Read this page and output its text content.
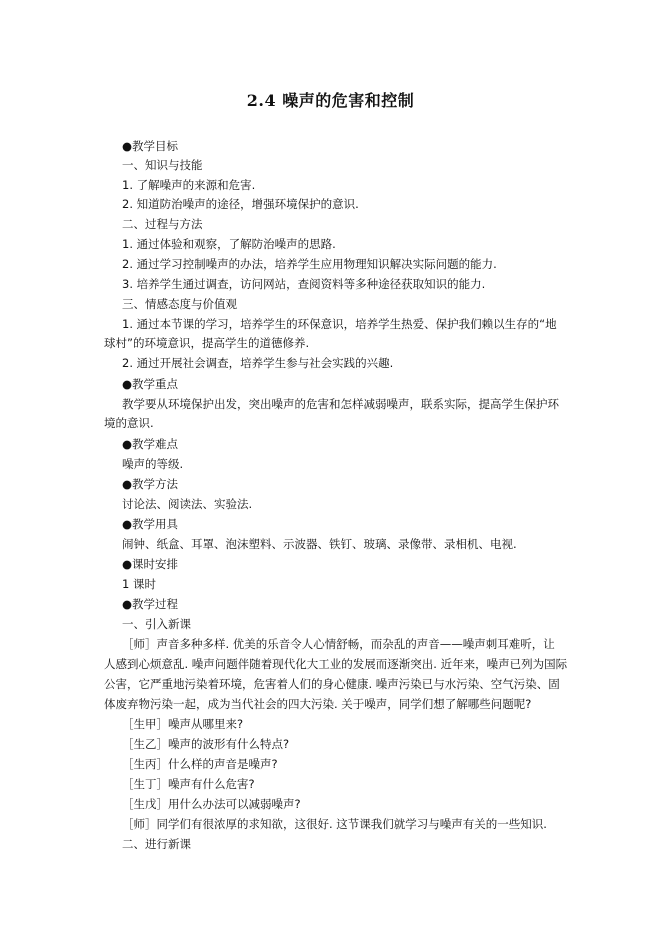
2.4 噪声的危害和控制
●教学目标
一、知识与技能
1. 了解噪声的来源和危害.
2. 知道防治噪声的途径，增强环境保护的意识.
二、过程与方法
1. 通过体验和观察，了解防治噪声的思路.
2. 通过学习控制噪声的办法，培养学生应用物理知识解决实际问题的能力.
3. 培养学生通过调查，访问网站，查阅资料等多种途径获取知识的能力.
三、情感态度与价值观
1. 通过本节课的学习，培养学生的环保意识，培养学生热爱、保护我们赖以生存的“地
球村”的环境意识，提高学生的道德修养.
2. 通过开展社会调查，培养学生参与社会实践的兴趣.
●教学重点
教学要从环境保护出发，突出噪声的危害和怎样减弱噪声，联系实际，提高学生保护环
境的意识.
●教学难点
噪声的等级.
●教学方法
讨论法、阅读法、实验法.
●教学用具
闹钟、纸盒、耳罩、泡沫塑料、示波器、铁钉、玻璃、录像带、录相机、电视.
●课时安排
1 课时
●教学过程
一、引入新课
［师］声音多种多样. 优美的乐音令人心情舒畅，而杂乱的声音——噪声刺耳难听，让
人感到心烦意乱. 噪声问题伴随着现代化大工业的发展而逐渐突出. 近年来，噪声已列为国际
公害，它严重地污染着环境，危害着人们的身心健康. 噪声污染已与水污染、空气污染、固
体废弃物污染一起，成为当代社会的四大污染. 关于噪声，同学们想了解哪些问题呢?
［生甲］噪声从哪里来?
［生乙］噪声的波形有什么特点?
［生丙］什么样的声音是噪声?
［生丁］噪声有什么危害?
［生戊］用什么办法可以减弱噪声?
［师］同学们有很浓厚的求知欲，这很好. 这节课我们就学习与噪声有关的一些知识.
二、进行新课
